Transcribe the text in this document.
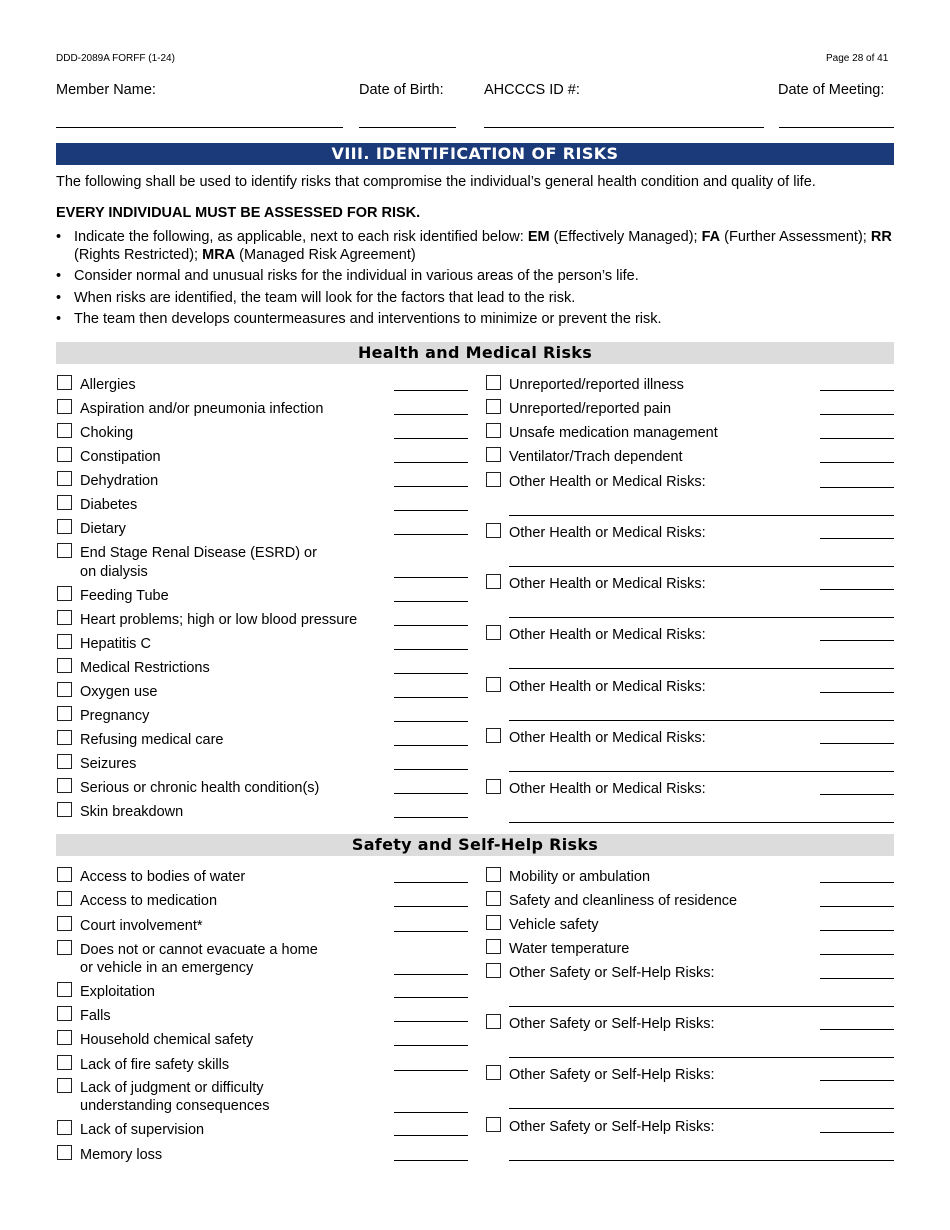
DDD-2089A FORFF (1-24)	Page 28 of 41
Member Name:	Date of Birth:	AHCCCS ID #:	Date of Meeting:
VIII. IDENTIFICATION OF RISKS
The following shall be used to identify risks that compromise the individual’s general health condition and quality of life.
EVERY INDIVIDUAL MUST BE ASSESSED FOR RISK.
• Indicate the following, as applicable, next to each risk identified below: EM (Effectively Managed); FA (Further Assessment); RR (Rights Restricted); MRA (Managed Risk Agreement)
• Consider normal and unusual risks for the individual in various areas of the person’s life.
• When risks are identified, the team will look for the factors that lead to the risk.
• The team then develops countermeasures and interventions to minimize or prevent the risk.
Health and Medical Risks
Allergies
Aspiration and/or pneumonia infection
Choking
Constipation
Dehydration
Diabetes
Dietary
End Stage Renal Disease (ESRD) or
on dialysis
Feeding Tube
Heart problems; high or low blood pressure
Hepatitis C
Medical Restrictions
Oxygen use
Pregnancy
Refusing medical care
Seizures
Serious or chronic health condition(s)
Skin breakdown
Unreported/reported illness
Unreported/reported pain
Unsafe medication management
Ventilator/Trach dependent
Other Health or Medical Risks:
Other Health or Medical Risks:
Other Health or Medical Risks:
Other Health or Medical Risks:
Other Health or Medical Risks:
Other Health or Medical Risks:
Other Health or Medical Risks:
Safety and Self-Help Risks
Access to bodies of water
Access to medication
Court involvement*
Does not or cannot evacuate a home
or vehicle in an emergency
Exploitation
Falls
Household chemical safety
Lack of fire safety skills
Lack of judgment or difficulty
understanding consequences
Lack of supervision
Memory loss
Mobility or ambulation
Safety and cleanliness of residence
Vehicle safety
Water temperature
Other Safety or Self-Help Risks:
Other Safety or Self-Help Risks:
Other Safety or Self-Help Risks:
Other Safety or Self-Help Risks:
